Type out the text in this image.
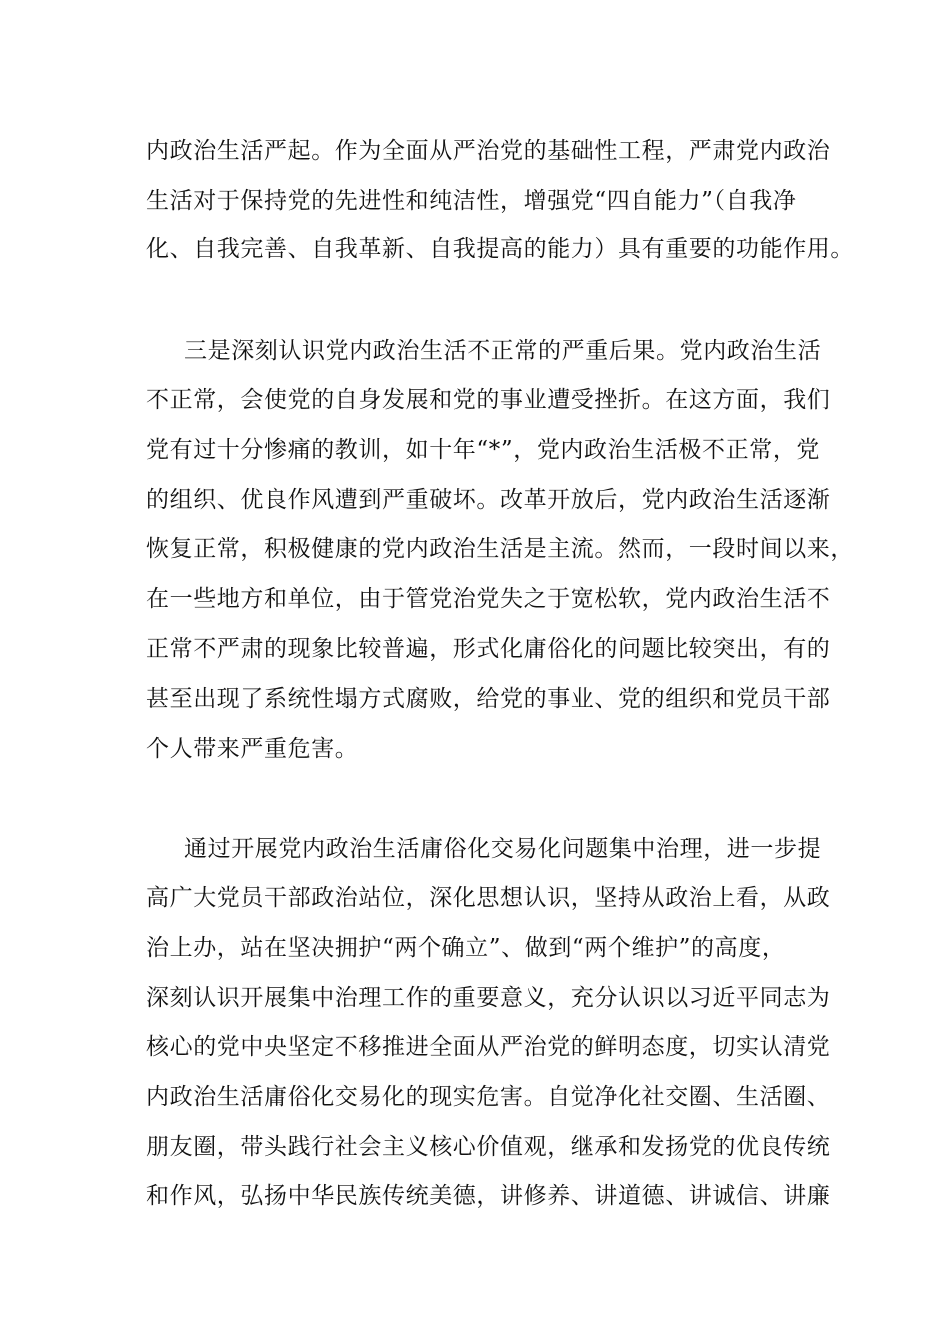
内政治生活严起。作为全面从严治党的基础性工程，严肃党内政治
生活对于保持党的先进性和纯洁性，增强党“四自能力”（自我净
化、自我完善、自我革新、自我提高的能力）具有重要的功能作用。
三是深刻认识党内政治生活不正常的严重后果。党内政治生活
不正常，会使党的自身发展和党的事业遭受挫折。在这方面，我们
党有过十分惨痛的教训，如十年“*”，党内政治生活极不正常，党
的组织、优良作风遭到严重破坏。改革开放后，党内政治生活逐渐
恢复正常，积极健康的党内政治生活是主流。然而，一段时间以来，
在一些地方和单位，由于管党治党失之于宽松软，党内政治生活不
正常不严肃的现象比较普遍，形式化庸俗化的问题比较突出，有的
甚至出现了系统性塌方式腐败，给党的事业、党的组织和党员干部
个人带来严重危害。
通过开展党内政治生活庸俗化交易化问题集中治理，进一步提
高广大党员干部政治站位，深化思想认识，坚持从政治上看，从政
治上办，站在坚决拥护“两个确立”、做到“两个维护”的高度，
深刻认识开展集中治理工作的重要意义，充分认识以习近平同志为
核心的党中央坚定不移推进全面从严治党的鲜明态度，切实认清党
内政治生活庸俗化交易化的现实危害。自觉净化社交圈、生活圈、
朋友圈，带头践行社会主义核心价值观，继承和发扬党的优良传统
和作风，弘扬中华民族传统美德，讲修养、讲道德、讲诚信、讲廉
